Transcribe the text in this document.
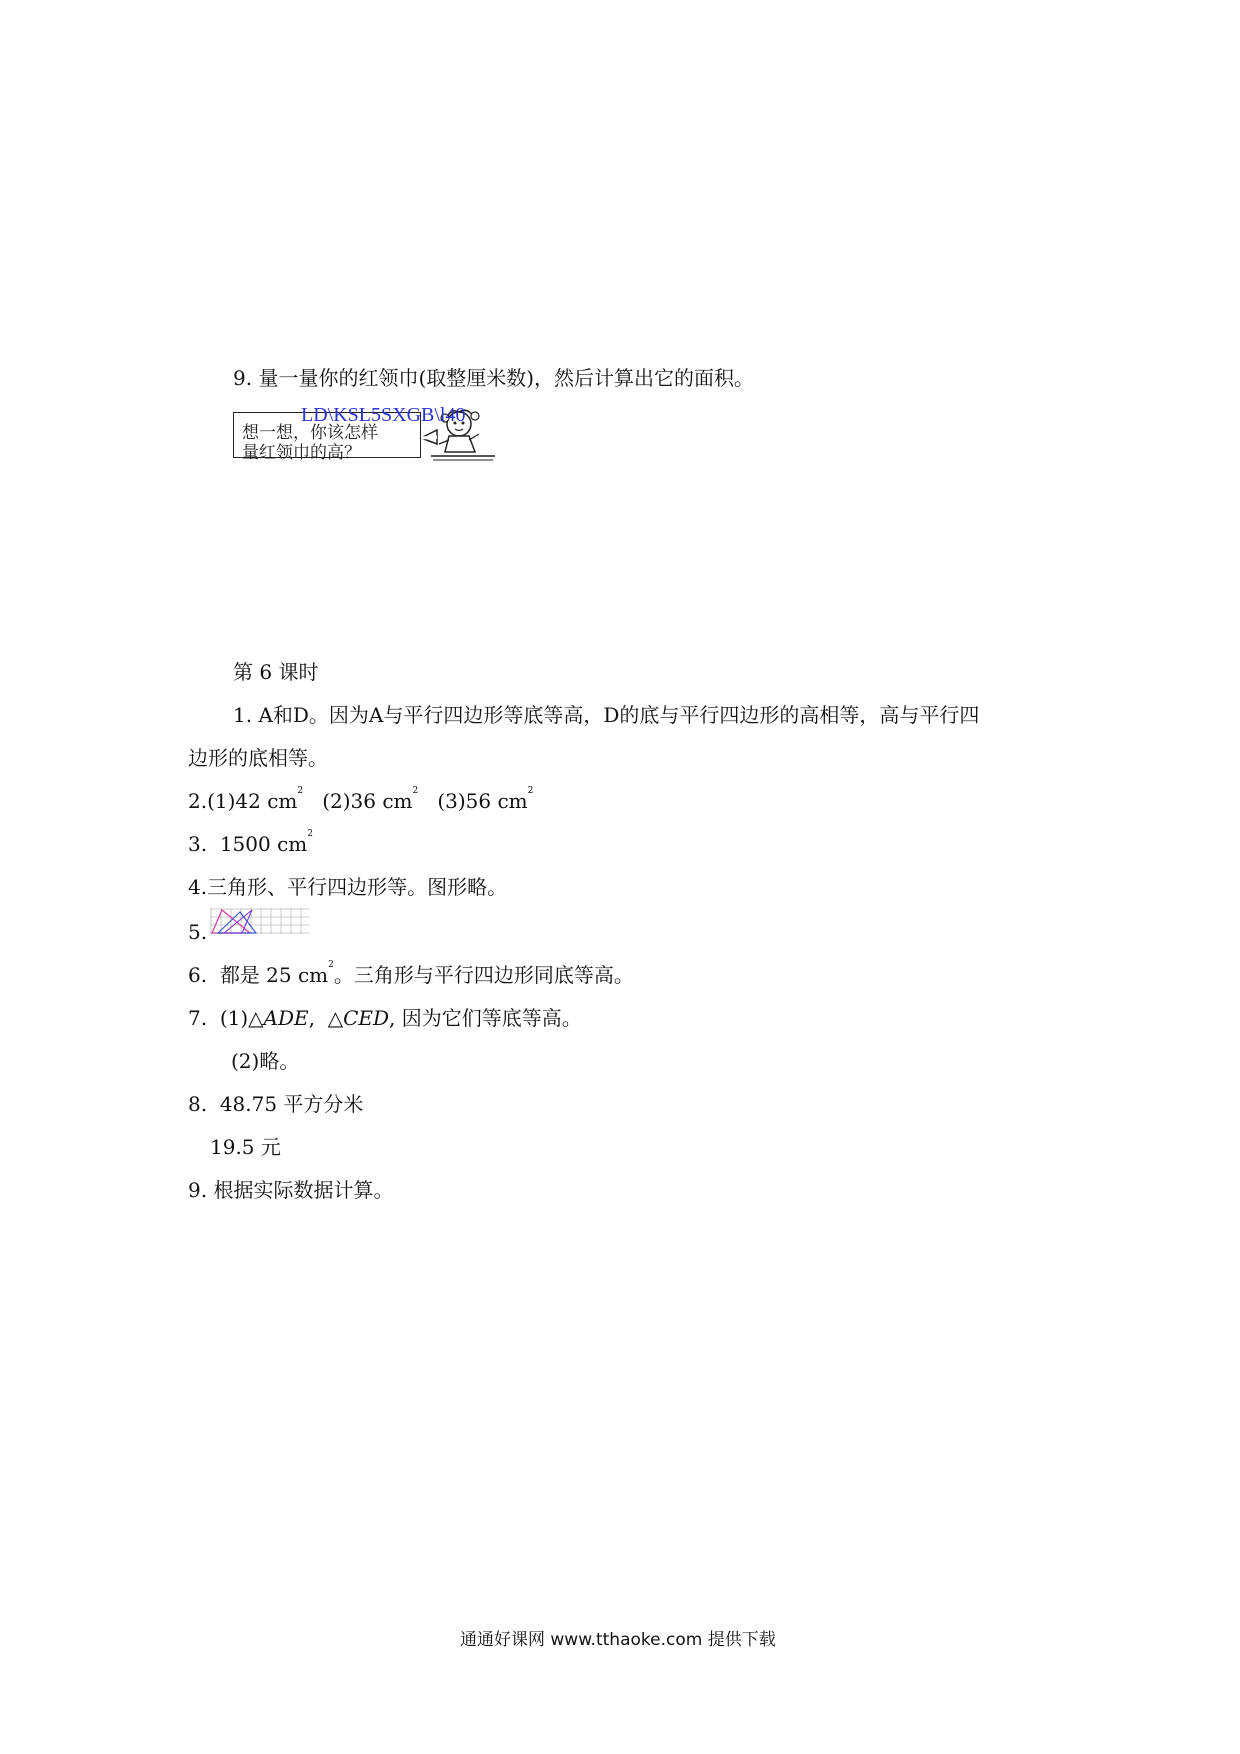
9. 量一量你的红领巾(取整厘米数)，然后计算出它的面积。
想一想，你该怎样
量红领巾的高？
LD\KSL5SXGB\l40
第 6 课时
1. A和D。因为A与平行四边形等底等高，D的底与平行四边形的高相等，高与平行四
边形的底相等。
2.(1)42 $cm^2$ (2)36 $cm^2$ (3)56 $cm^2$
3. 1500 $cm^2$
4.三角形、平行四边形等。图形略。
5.
6. 都是 25 $cm^2$。三角形与平行四边形同底等高。
7. (1)△ADE, △CED, 因为它们等底等高。
(2)略。
8. 48.75 平方分米
19.5 元
9. 根据实际数据计算。
通通好课网 www.tthaoke.com 提供下载
